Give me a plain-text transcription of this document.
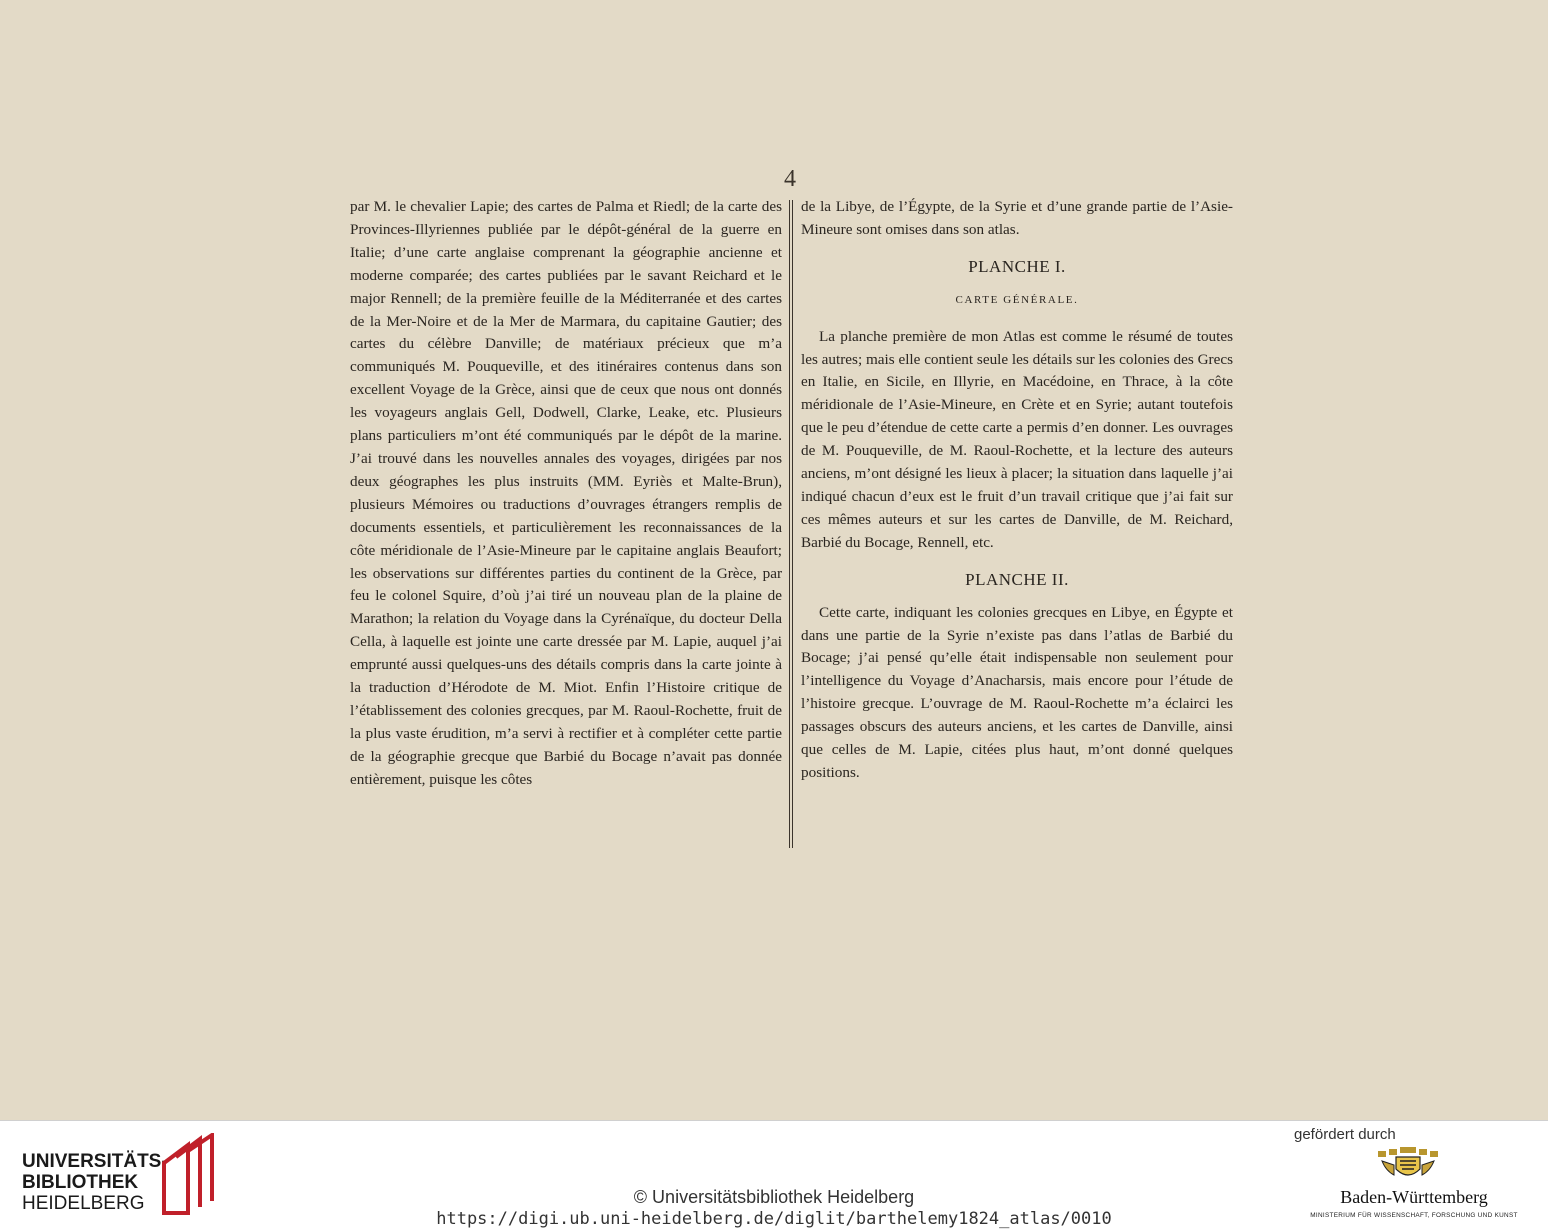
4

par M. le chevalier Lapie; des cartes de Palma et Riedl; de la carte des Provinces-Illyriennes publiée par le dépôt-général de la guerre en Italie; d’une carte anglaise comprenant la géographie ancienne et moderne comparée; des cartes publiées par le savant Reichard et le major Rennell; de la première feuille de la Méditerranée et des cartes de la Mer-Noire et de la Mer de Marmara, du capitaine Gautier; des cartes du célèbre Danville; de matériaux précieux que m’a communiqués M. Pouqueville, et des itinéraires contenus dans son excellent Voyage de la Grèce, ainsi que de ceux que nous ont donnés les voyageurs anglais Gell, Dodwell, Clarke, Leake, etc. Plusieurs plans particuliers m’ont été communiqués par le dépôt de la marine. J’ai trouvé dans les nouvelles annales des voyages, dirigées par nos deux géographes les plus instruits (MM. Eyriès et Malte-Brun), plusieurs Mémoires ou traductions d’ouvrages étrangers remplis de documents essentiels, et particulièrement les reconnaissances de la côte méridionale de l’Asie-Mineure par le capitaine anglais Beaufort; les observations sur différentes parties du continent de la Grèce, par feu le colonel Squire, d’où j’ai tiré un nouveau plan de la plaine de Marathon; la relation du Voyage dans la Cyrénaïque, du docteur Della Cella, à laquelle est jointe une carte dressée par M. Lapie, auquel j’ai emprunté aussi quelques-uns des détails compris dans la carte jointe à la traduction d’Hérodote de M. Miot. Enfin l’Histoire critique de l’établissement des colonies grecques, par M. Raoul-Rochette, fruit de la plus vaste érudition, m’a servi à rectifier et à compléter cette partie de la géographie grecque que Barbié du Bocage n’avait pas donnée entièrement, puisque les côtes

de la Libye, de l’Égypte, de la Syrie et d’une grande partie de l’Asie-Mineure sont omises dans son atlas.

PLANCHE I.
CARTE GÉNÉRALE.

La planche première de mon Atlas est comme le résumé de toutes les autres; mais elle contient seule les détails sur les colonies des Grecs en Italie, en Sicile, en Illyrie, en Macédoine, en Thrace, à la côte méridionale de l’Asie-Mineure, en Crète et en Syrie; autant toutefois que le peu d’étendue de cette carte a permis d’en donner. Les ouvrages de M. Pouqueville, de M. Raoul-Rochette, et la lecture des auteurs anciens, m’ont désigné les lieux à placer; la situation dans laquelle j’ai indiqué chacun d’eux est le fruit d’un travail critique que j’ai fait sur ces mêmes auteurs et sur les cartes de Danville, de M. Reichard, Barbié du Bocage, Rennell, etc.

PLANCHE II.

Cette carte, indiquant les colonies grecques en Libye, en Égypte et dans une partie de la Syrie n’existe pas dans l’atlas de Barbié du Bocage; j’ai pensé qu’elle était indispensable non seulement pour l’intelligence du Voyage d’Anacharsis, mais encore pour l’étude de l’histoire grecque. L’ouvrage de M. Raoul-Rochette m’a éclairci les passages obscurs des auteurs anciens, et les cartes de Danville, ainsi que celles de M. Lapie, citées plus haut, m’ont donné quelques positions.

UNIVERSITÄTS-
BIBLIOTHEK
HEIDELBERG	© Universitätsbibliothek Heidelberg
https://digi.ub.uni-heidelberg.de/diglit/barthelemy1824_atlas/0010
gefördert durch
Baden-Württemberg
MINISTERIUM FÜR WISSENSCHAFT, FORSCHUNG UND KUNST
